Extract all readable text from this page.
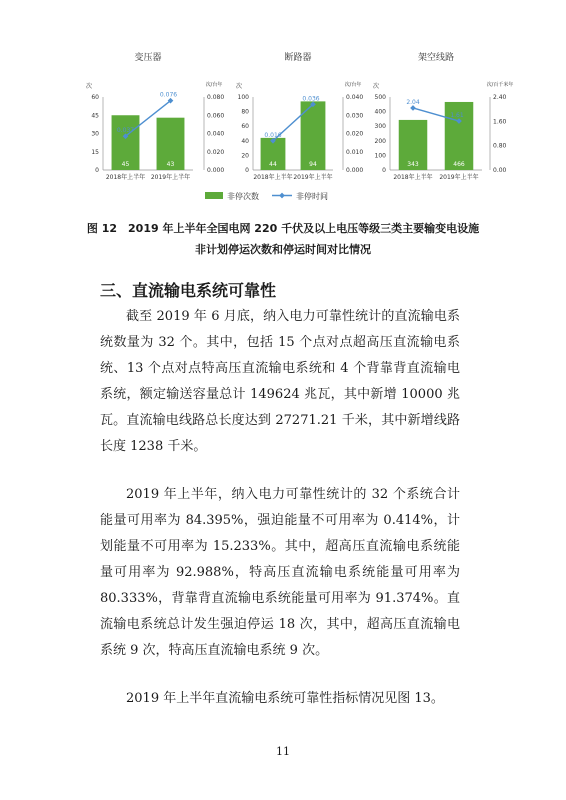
变压器
次	次/台年
0
15
30
45
60
0.000
0.020
0.040
0.060
0.080
45
2018年上半年
43
2019年上半年
0.037
0.076
断路器
次	次/台年
0
20
40
60
80
100
0.000
0.010
0.020
0.030
0.040
44
2018年上半年
94
2019年上半年
0.016
0.036
架空线路
次	次/百千米年
0
100
200
300
400
500
0.00
0.80
1.60
2.40
343
2018年上半年
466
2019年上半年
2.04
1.61
非停次数	非停时间
图 12　2019 年上半年全国电网 220 千伏及以上电压等级三类主要输变电设施
非计划停运次数和停运时间对比情况
三、直流输电系统可靠性
截至 2019 年 6 月底，纳入电力可靠性统计的直流输电系统数量为 32 个。其中，包括 15 个点对点超高压直流输电系统、13 个点对点特高压直流输电系统和 4 个背靠背直流输电系统，额定输送容量总计 149624 兆瓦，其中新增 10000 兆瓦。直流输电线路总长度达到 27271.21 千米，其中新增线路长度 1238 千米。
2019 年上半年，纳入电力可靠性统计的 32 个系统合计能量可用率为 84.395%，强迫能量不可用率为 0.414%，计划能量不可用率为 15.233%。其中，超高压直流输电系统能量可用率为 92.988%，特高压直流输电系统能量可用率为 80.333%，背靠背直流输电系统能量可用率为 91.374%。直流输电系统总计发生强迫停运 18 次，其中，超高压直流输电系统 9 次，特高压直流输电系统 9 次。
2019 年上半年直流输电系统可靠性指标情况见图 13。
11
